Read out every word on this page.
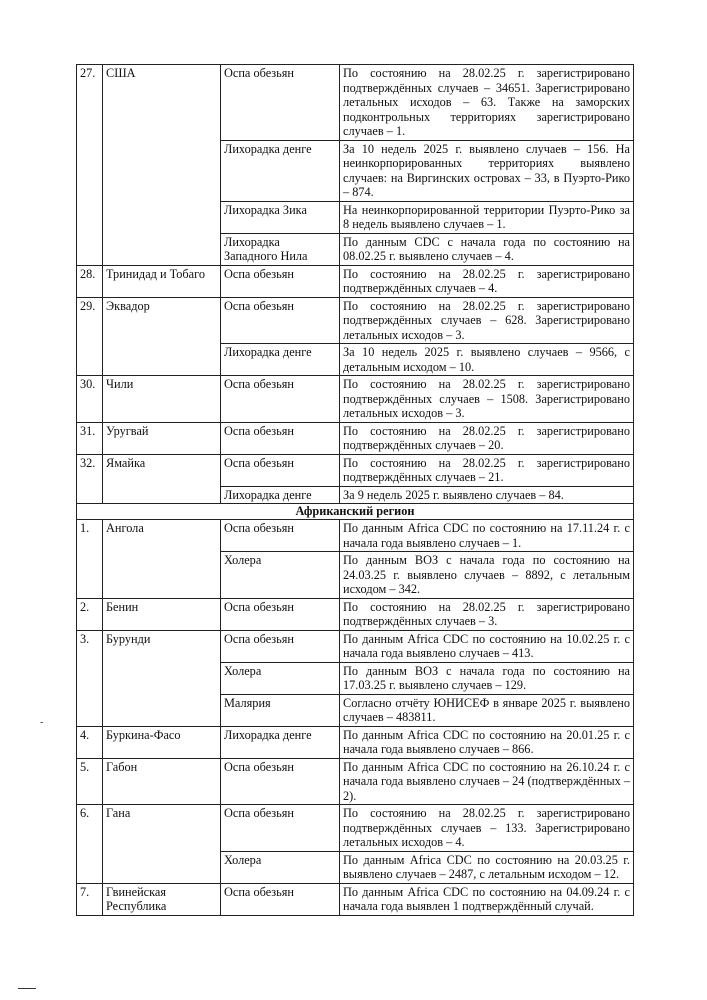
27.	США	Оспа обезьян	По состоянию на 28.02.25 г. зарегистрировано подтверждённых случаев – 34651. Зарегистрировано летальных исходов – 63. Также на заморских подконтрольных территориях зарегистрировано случаев – 1.
		Лихорадка денге	За 10 недель 2025 г. выявлено случаев – 156. На неинкорпорированных территориях выявлено случаев: на Виргинских островах – 33, в Пуэрто-Рико – 874.
		Лихорадка Зика	На неинкорпорированной территории Пуэрто-Рико за 8 недель выявлено случаев – 1.
		Лихорадка Западного Нила	По данным CDC с начала года по состоянию на 08.02.25 г. выявлено случаев – 4.
28.	Тринидад и Тобаго	Оспа обезьян	По состоянию на 28.02.25 г. зарегистрировано подтверждённых случаев – 4.
29.	Эквадор	Оспа обезьян	По состоянию на 28.02.25 г. зарегистрировано подтверждённых случаев – 628. Зарегистрировано летальных исходов – 3.
		Лихорадка денге	За 10 недель 2025 г. выявлено случаев – 9566, с детальным исходом – 10.
30.	Чили	Оспа обезьян	По состоянию на 28.02.25 г. зарегистрировано подтверждённых случаев – 1508. Зарегистрировано летальных исходов – 3.
31.	Уругвай	Оспа обезьян	По состоянию на 28.02.25 г. зарегистрировано подтверждённых случаев – 20.
32.	Ямайка	Оспа обезьян	По состоянию на 28.02.25 г. зарегистрировано подтверждённых случаев – 21.
		Лихорадка денге	За 9 недель 2025 г. выявлено случаев – 84.
Африканский регион			
1.	Ангола	Оспа обезьян	По данным Africa CDC по состоянию на 17.11.24 г. с начала года выявлено случаев – 1.
		Холера	По данным ВОЗ с начала года по состоянию на 24.03.25 г. выявлено случаев – 8892, с летальным исходом – 342.
2.	Бенин	Оспа обезьян	По состоянию на 28.02.25 г. зарегистрировано подтверждённых случаев – 3.
3.	Бурунди	Оспа обезьян	По данным Africa CDC по состоянию на 10.02.25 г. с начала года выявлено случаев – 413.
		Холера	По данным ВОЗ с начала года по состоянию на 17.03.25 г. выявлено случаев – 129.
		Малярия	Согласно отчёту ЮНИСЕФ в январе 2025 г. выявлено случаев – 483811.
4.	Буркина-Фасо	Лихорадка денге	По данным Africa CDC по состоянию на 20.01.25 г. с начала года выявлено случаев – 866.
5.	Габон	Оспа обезьян	По данным Africa CDC по состоянию на 26.10.24 г. с начала года выявлено случаев – 24 (подтверждённых – 2).
6.	Гана	Оспа обезьян	По состоянию на 28.02.25 г. зарегистрировано подтверждённых случаев – 133. Зарегистрировано летальных исходов – 4.
		Холера	По данным Africa CDC по состоянию на 20.03.25 г. выявлено случаев – 2487, с летальным исходом – 12.
7.	Гвинейская Республика	Оспа обезьян	По данным Africa CDC по состоянию на 04.09.24 г. с начала года выявлен 1 подтверждённый случай.
-
